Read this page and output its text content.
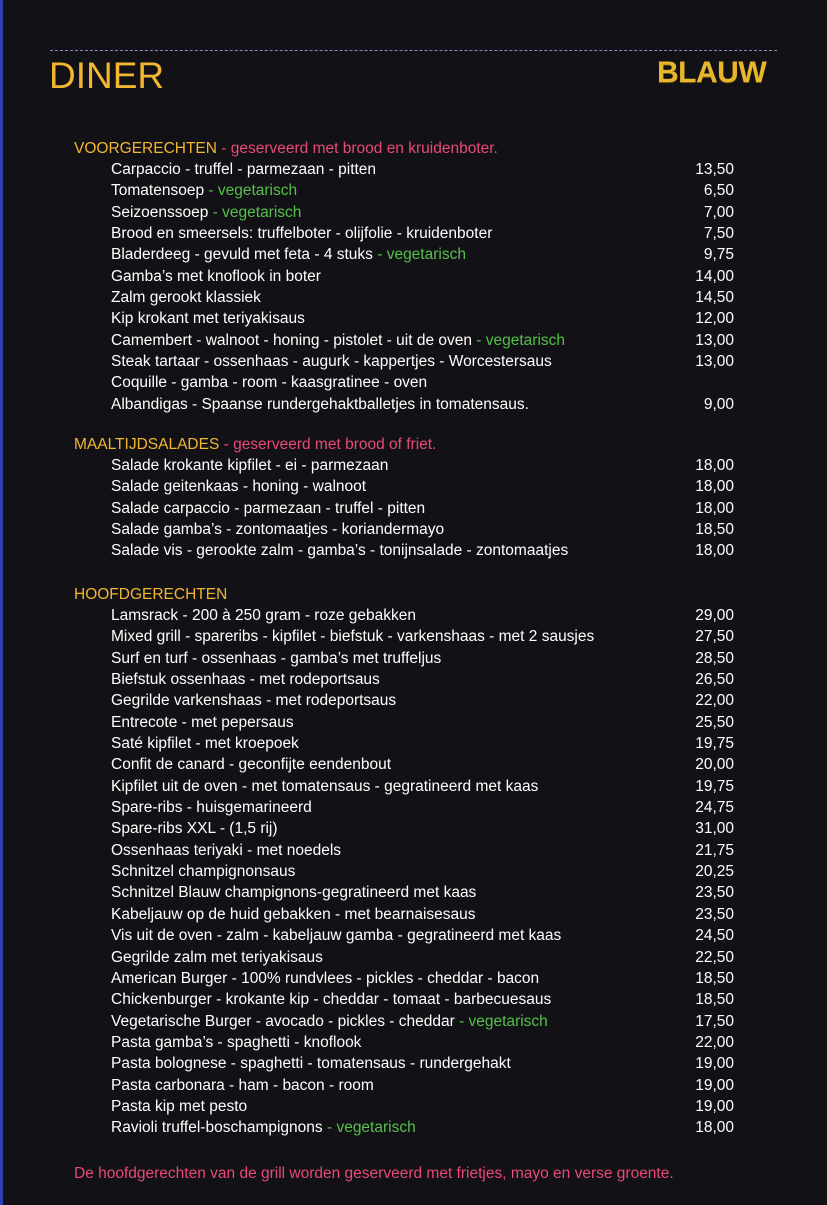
DINER	BLAUW
VOORGERECHTEN - geserveerd met brood en kruidenboter.
Carpaccio - truffel - parmezaan - pitten	13,50
Tomatensoep - vegetarisch	6,50
Seizoenssoep - vegetarisch	7,00
Brood en smeersels: truffelboter - olijfolie - kruidenboter	7,50
Bladerdeeg - gevuld met feta - 4 stuks - vegetarisch	9,75
Gamba’s met knoflook in boter	14,00
Zalm gerookt klassiek	14,50
Kip krokant met teriyakisaus	12,00
Camembert - walnoot - honing - pistolet - uit de oven - vegetarisch	13,00
Steak tartaar - ossenhaas - augurk - kappertjes - Worcestersaus	13,00
Coquille - gamba - room - kaasgratinee - oven
Albandigas - Spaanse rundergehaktballetjes in tomatensaus.	9,00
MAALTIJDSALADES - geserveerd met brood of friet.
Salade krokante kipfilet - ei - parmezaan	18,00
Salade geitenkaas - honing - walnoot	18,00
Salade carpaccio - parmezaan - truffel - pitten	18,00
Salade gamba’s - zontomaatjes - koriandermayo	18,50
Salade vis - gerookte zalm - gamba’s - tonijnsalade - zontomaatjes	18,00
HOOFDGERECHTEN
Lamsrack - 200 à 250 gram - roze gebakken	29,00
Mixed grill - spareribs - kipfilet - biefstuk - varkenshaas - met 2 sausjes	27,50
Surf en turf - ossenhaas - gamba’s met truffeljus	28,50
Biefstuk ossenhaas - met rodeportsaus	26,50
Gegrilde varkenshaas - met rodeportsaus	22,00
Entrecote - met pepersaus	25,50
Saté kipfilet - met kroepoek	19,75
Confit de canard - geconfijte eendenbout	20,00
Kipfilet uit de oven - met tomatensaus - gegratineerd met kaas	19,75
Spare-ribs - huisgemarineerd	24,75
Spare-ribs XXL - (1,5 rij)	31,00
Ossenhaas teriyaki - met noedels	21,75
Schnitzel champignonsaus	20,25
Schnitzel Blauw champignons-gegratineerd met kaas	23,50
Kabeljauw op de huid gebakken - met bearnaisesaus	23,50
Vis uit de oven - zalm - kabeljauw gamba - gegratineerd met kaas	24,50
Gegrilde zalm met teriyakisaus	22,50
American Burger - 100% rundvlees - pickles - cheddar - bacon	18,50
Chickenburger - krokante kip - cheddar - tomaat - barbecuesaus	18,50
Vegetarische Burger - avocado - pickles - cheddar - vegetarisch	17,50
Pasta gamba’s - spaghetti - knoflook	22,00
Pasta bolognese - spaghetti - tomatensaus - rundergehakt	19,00
Pasta carbonara - ham - bacon - room	19,00
Pasta kip met pesto	19,00
Ravioli truffel-boschampignons - vegetarisch	18,00
De hoofdgerechten van de grill worden geserveerd met frietjes, mayo en verse groente.
